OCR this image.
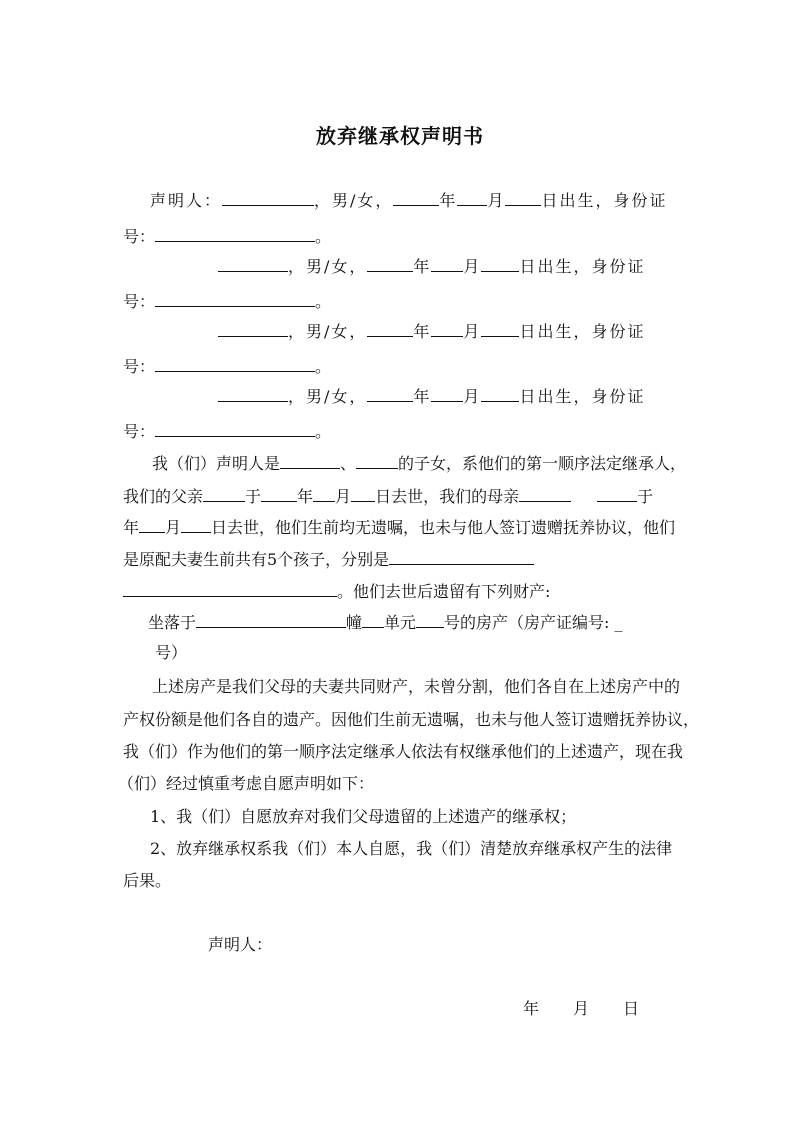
放弃继承权声明书
声明人：	，男/女，	年 月 日出生，身份证
号：	。
，男/女，	年 月 日出生，身份证
号：	。
，男/女，	年 月 日出生，身份证
号：	。
，男/女，	年 月 日出生，身份证
号：	。
我（们）声明人是	、	的子女，系他们的第一顺序法定继承人，
我们的父亲	于 年 月 日去世，我们的母亲	于
年 月 日去世，他们生前均无遗嘱，也未与他人签订遗赠抚养协议，他们
是原配夫妻生前共有5个孩子，分别是
。他们去世后遗留有下列财产:
坐落于	幢 单元 号的房产（房产证编号: _
号）
上述房产是我们父母的夫妻共同财产，未曾分割，他们各自在上述房产中的
产权份额是他们各自的遗产。因他们生前无遗嘱，也未与他人签订遗赠抚养协议，
我（们）作为他们的第一顺序法定继承人依法有权继承他们的上述遗产，现在我
（们）经过慎重考虑自愿声明如下：
1、我（们）自愿放弃对我们父母遗留的上述遗产的继承权；
2、放弃继承权系我（们）本人自愿，我（们）清楚放弃继承权产生的法律
后果。
声明人：
年 月 日
